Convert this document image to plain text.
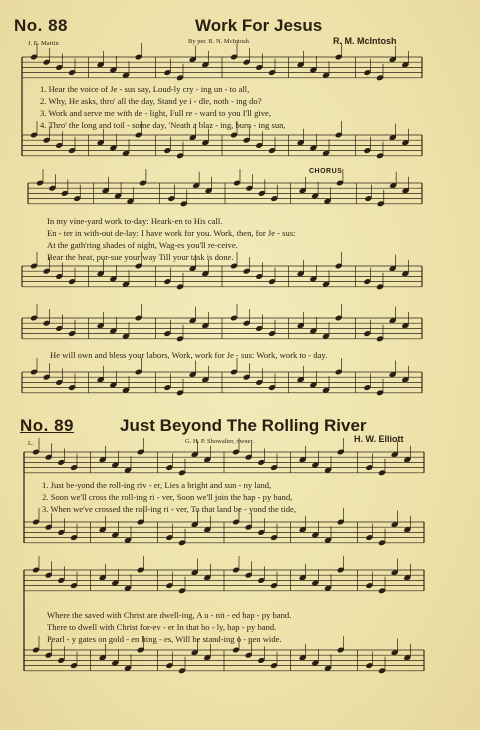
No. 88	Work For Jesus
By per. R. N. McIntosh
J. E. Martin	R. M. McIntosh
1. Hear the voice of Je - sus say, Loud-ly cry - ing un - to all,
2. Why, He asks, thro' all the day, Stand ye i - dle, noth - ing do?
3. Work and serve me with de - light, Full re - ward to you I'll give,
4. Thro' the long and toil - some day, 'Neath a blaz - ing, burn - ing sun,
CHORUS
In my vine-yard work to-day: Heark-en to His call.
En - ter in with-out de-lay: I have work for you. Work, then, for Je - sus:
At the gath'ring shades of night, Wag-es you'll re-ceive.
Bear the heat, pur-sue your way Till your task is done.
He will own and bless your labors, Work, work for Je - sus: Work, work to - day.
No. 89	Just Beyond The Rolling River
G. H. P. Showalter, owner.
L.	H. W. Elliott
1. Just be-yond the roll-ing riv - er, Lies a bright and sun - ny land,
2. Soon we'll cross the roll-ing ri - ver, Soon we'll join the hap - py band,
3. When we've crossed the roll-ing ri - ver, To that land be - yond the tide,
Where the saved with Christ are dwell-ing, A u - nit - ed hap - py band.
There to dwell with Christ for-ev - er In that ho - ly, hap - py band.
Pearl - y gates on gold - en hing - es, Will be stand-ing o - pen wide.
